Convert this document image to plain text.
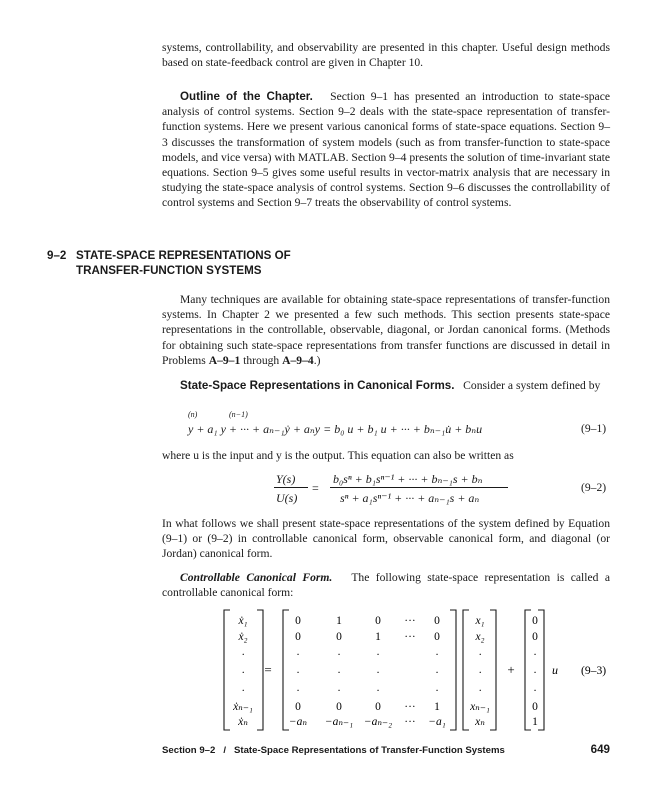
systems, controllability, and observability are presented in this chapter. Useful design methods based on state-feedback control are given in Chapter 10.

Outline of the Chapter. Section 9–1 has presented an introduction to state-space analysis of control systems. Section 9–2 deals with the state-space representation of transfer-function systems. Here we present various canonical forms of state-space equations. Section 9–3 discusses the transformation of system models (such as from transfer-function to state-space models, and vice versa) with MATLAB. Section 9–4 presents the solution of time-invariant state equations. Section 9–5 gives some useful results in vector-matrix analysis that are necessary in studying the state-space analysis of control systems. Section 9–6 discusses the controllability of control systems and Section 9–7 treats the observability of control systems.

9–2 STATE-SPACE REPRESENTATIONS OF
TRANSFER-FUNCTION SYSTEMS

Many techniques are available for obtaining state-space representations of transfer-function systems. In Chapter 2 we presented a few such methods. This section presents state-space representations in the controllable, observable, diagonal, or Jordan canonical forms. (Methods for obtaining such state-space representations from transfer functions are discussed in detail in Problems A–9–1 through A–9–4.)

State-Space Representations in Canonical Forms. Consider a system defined by

(n)	(n−1)
y + a₁ y + ··· + aₙ₋₁ẏ + aₙy = b₀ u + b₁ u + ··· + bₙ₋₁u̇ + bₙu	(9–1)

where u is the input and y is the output. This equation can also be written as

Y(s)
U(s)
=
b₀sⁿ + b₁sⁿ⁻¹ + ··· + bₙ₋₁s + bₙ
sⁿ + a₁sⁿ⁻¹ + ··· + aₙ₋₁s + aₙ
(9–2)

In what follows we shall present state-space representations of the system defined by Equation (9–1) or (9–2) in controllable canonical form, observable canonical form, and diagonal (or Jordan) canonical form.

Controllable Canonical Form. The following state-space representation is called a controllable canonical form:

ẋ₁
ẋ₂
·
·
·
ẋₙ₋₁
ẋₙ
0	1	0 ··· 0
0	0	1 ··· 0
·	·	·	·
·	·	·	·
·	·	·	·
0	0	0 ··· 1
−aₙ −aₙ₋₁ −aₙ₋₂ ··· −a₁
x₁
x₂
·
·
·
xₙ₋₁
xₙ
0
0
·
·
·
0
1
=	+	u (9–3)
Section 9–2   /   State-Space Representations of Transfer-Function Systems	649
